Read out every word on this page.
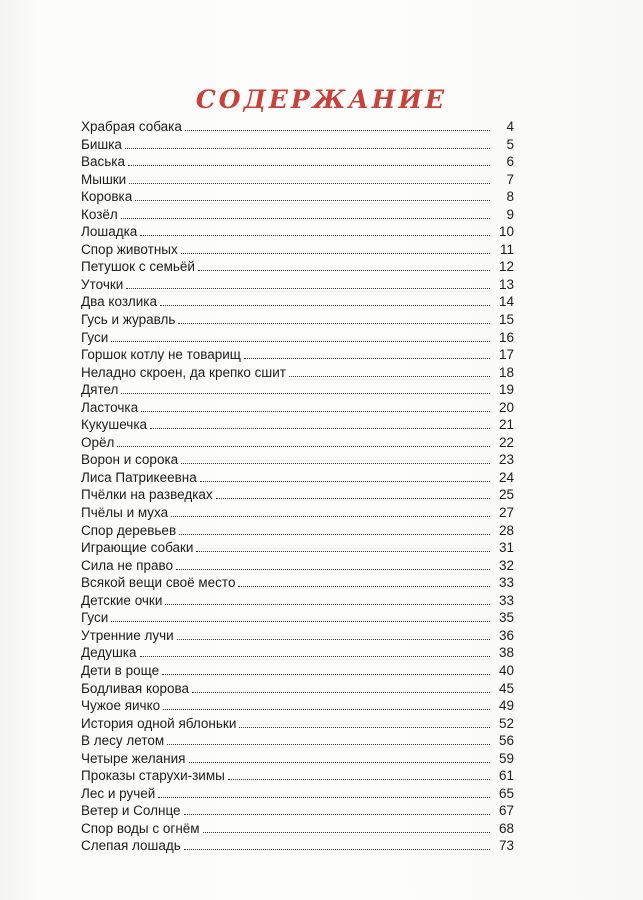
СОДЕРЖАНИЕ
Храбрая собака	4
Бишка	5
Васька	6
Мышки	7
Коровка	8
Козёл	9
Лошадка	10
Спор животных	11
Петушок с семьёй	12
Уточки	13
Два козлика	14
Гусь и журавль	15
Гуси	16
Горшок котлу не товарищ	17
Неладно скроен, да крепко сшит	18
Дятел	19
Ласточка	20
Кукушечка	21
Орёл	22
Ворон и сорока	23
Лиса Патрикеевна	24
Пчёлки на разведках	25
Пчёлы и муха	27
Спор деревьев	28
Играющие собаки	31
Сила не право	32
Всякой вещи своё место	33
Детские очки	33
Гуси	35
Утренние лучи	36
Дедушка	38
Дети в роще	40
Бодливая корова	45
Чужое яичко	49
История одной яблоньки	52
В лесу летом	56
Четыре желания	59
Проказы старухи-зимы	61
Лес и ручей	65
Ветер и Солнце	67
Спор воды с огнём	68
Слепая лошадь	73
